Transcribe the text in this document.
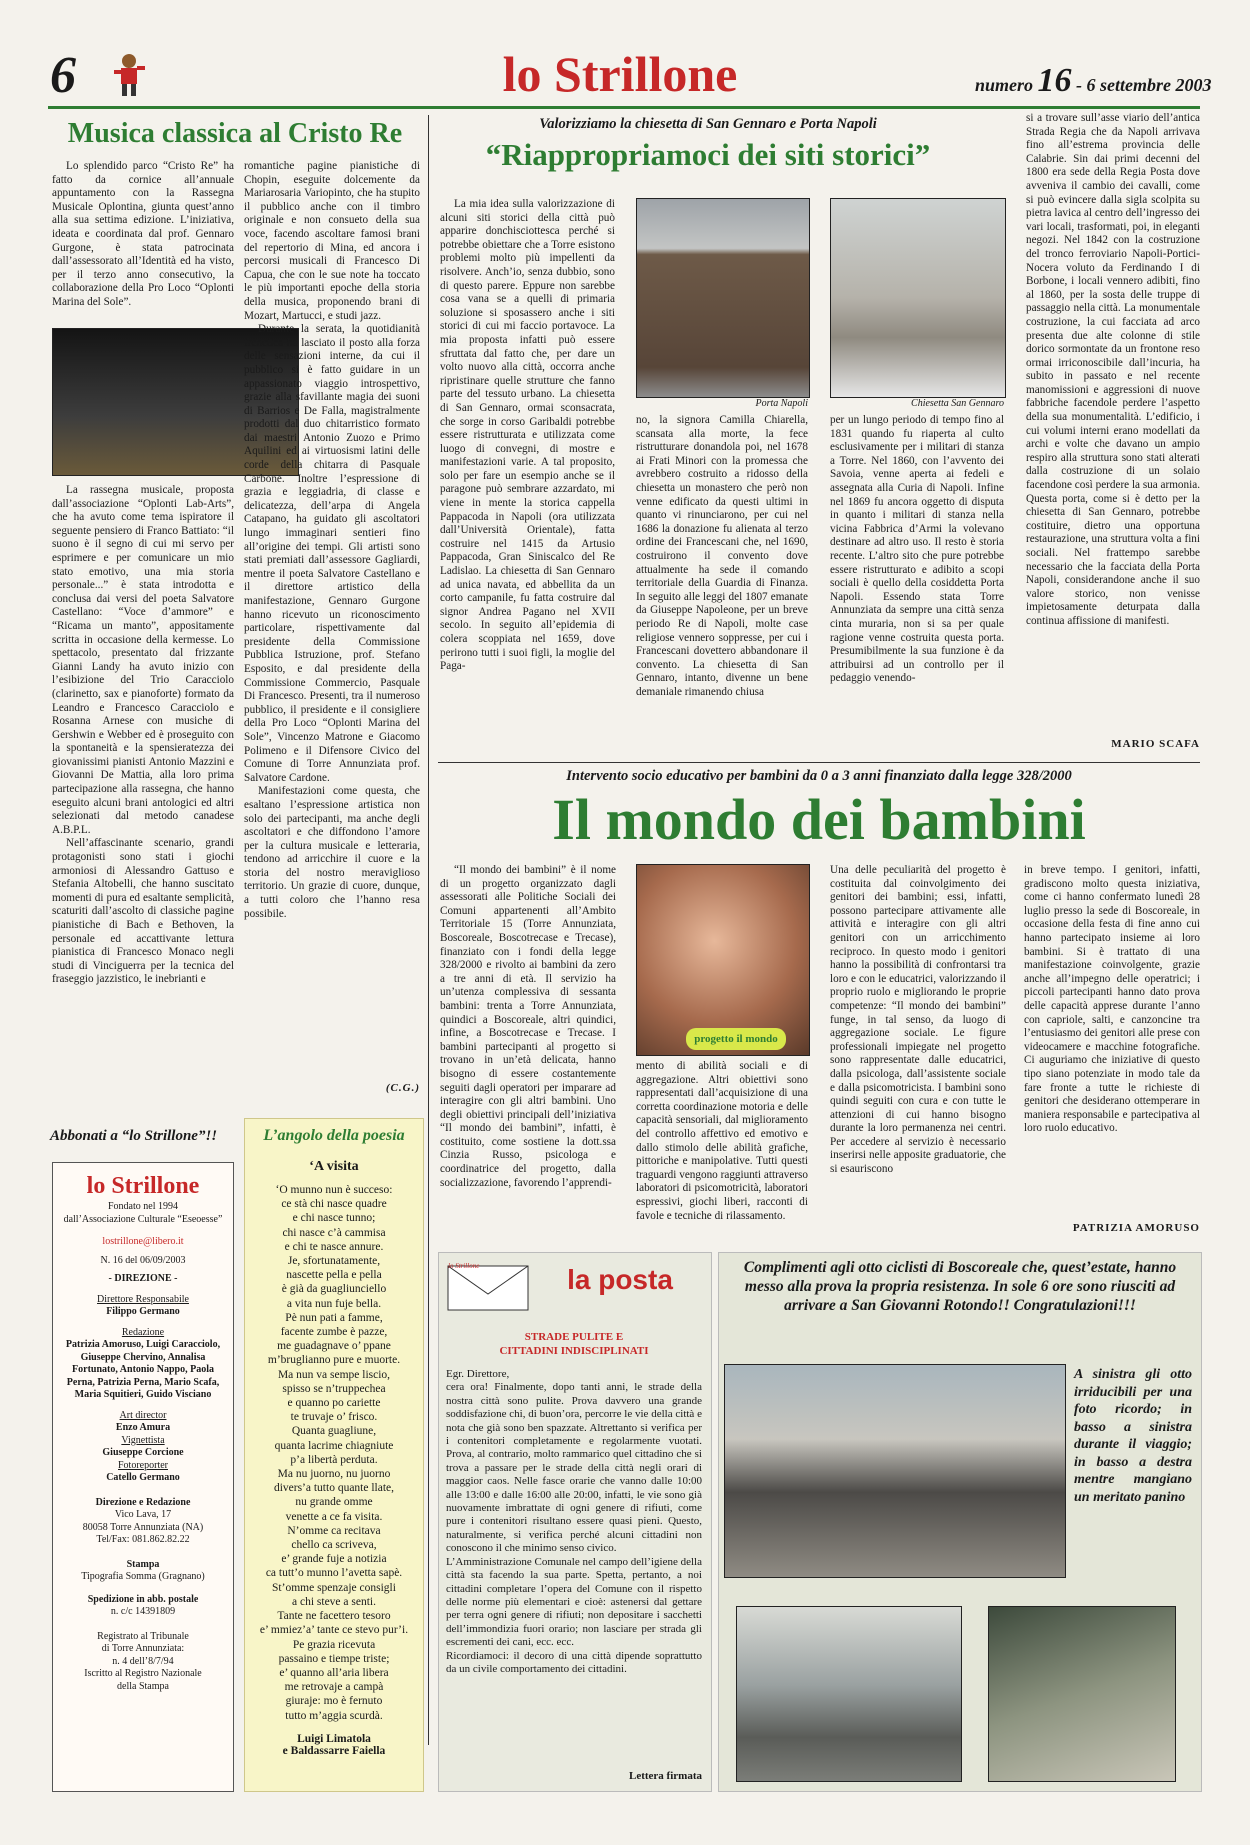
6	lo Strillone	numero 16 - 6 settembre 2003
Musica classica al Cristo Re

Lo splendido parco “Cristo Re” ha fatto da cornice all’annuale appuntamento con la Rassegna Musicale Oplontina, giunta quest’anno alla sua settima edizione. L’iniziativa, ideata e coordinata dal prof. Gennaro Gurgone, è stata patrocinata dall’assessorato all’Identità ed ha visto, per il terzo anno consecutivo, la collaborazione della Pro Loco “Oplonti Marina del Sole”.

La rassegna musicale, proposta dall’associazione “Oplonti Lab-Arts”, che ha avuto come tema ispiratore il seguente pensiero di Franco Battiato: “il suono è il segno di cui mi servo per esprimere e per comunicare un mio stato emotivo, una mia storia personale...” è stata introdotta e conclusa dai versi del poeta Salvatore Castellano: “Voce d’ammore” e “Ricama un manto”, appositamente scritta in occasione della kermesse. Lo spettacolo, presentato dal frizzante Gianni Landy ha avuto inizio con l’esibizione del Trio Caracciolo (clarinetto, sax e pianoforte) formato da Leandro e Francesco Caracciolo e Rosanna Arnese con musiche di Gershwin e Webber ed è proseguito con la spontaneità e la spensieratezza dei giovanissimi pianisti Antonio Mazzini e Giovanni De Mattia, alla loro prima partecipazione alla rassegna, che hanno eseguito alcuni brani antologici ed altri selezionati dal metodo canadese A.B.P.L.

Nell’affascinante scenario, grandi protagonisti sono stati i giochi armoniosi di Alessandro Gattuso e Stefania Altobelli, che hanno suscitato momenti di pura ed esaltante semplicità, scaturiti dall’ascolto di classiche pagine pianistiche di Bach e Bethoven, la personale ed accattivante lettura pianistica di Francesco Monaco negli studi di Vinciguerra per la tecnica del fraseggio jazzistico, le inebrianti e

romantiche pagine pianistiche di Chopin, eseguite dolcemente da Mariarosaria Variopinto, che ha stupito il pubblico anche con il timbro originale e non consueto della sua voce, facendo ascoltare famosi brani del repertorio di Mina, ed ancora i percorsi musicali di Francesco Di Capua, che con le sue note ha toccato le più importanti epoche della storia della musica, proponendo brani di Mozart, Martucci, e studi jazz.

Durante la serata, la quotidianità frenetica ha lasciato il posto alla forza delle sensazioni interne, da cui il pubblico si è fatto guidare in un appassionato viaggio introspettivo, grazie alla sfavillante magia dei suoni di Barrios e De Falla, magistralmente prodotti dal duo chitarristico formato dai maestri Antonio Zuozo e Primo Aquilini ed ai virtuosismi latini delle corde della chitarra di Pasquale Carbone. Inoltre l’espressione di grazia e leggiadria, di classe e delicatezza, dell’arpa di Angela Catapano, ha guidato gli ascoltatori lungo immaginari sentieri fino all’origine dei tempi. Gli artisti sono stati premiati dall’assessore Gagliardi, mentre il poeta Salvatore Castellano e il direttore artistico della manifestazione, Gennaro Gurgone hanno ricevuto un riconoscimento particolare, rispettivamente dal presidente della Commissione Pubblica Istruzione, prof. Stefano Esposito, e dal presidente della Commissione Commercio, Pasquale Di Francesco. Presenti, tra il numeroso pubblico, il presidente e il consigliere della Pro Loco “Oplonti Marina del Sole”, Vincenzo Matrone e Giacomo Polimeno e il Difensore Civico del Comune di Torre Annunziata prof. Salvatore Cardone.

Manifestazioni come questa, che esaltano l’espressione artistica non solo dei partecipanti, ma anche degli ascoltatori e che diffondono l’amore per la cultura musicale e letteraria, tendono ad arricchire il cuore e la storia del nostro meraviglioso territorio. Un grazie di cuore, dunque, a tutti coloro che l’hanno resa possibile.

(C.G.)
Abbonati a “lo Strillone”!!
lo Strillone
Fondato nel 1994
dall’Associazione Culturale “Eseoesse”
lostrillone@libero.it
N. 16 del 06/09/2003
- DIREZIONE -
Direttore Responsabile
Filippo Germano
Redazione
Patrizia Amoruso, Luigi Caracciolo, Giuseppe Chervino, Annalisa Fortunato, Antonio Nappo, Paola Perna, Patrizia Perna, Mario Scafa, Maria Squitieri, Guido Visciano
Art director
Enzo Amura
Vignettista
Giuseppe Corcione
Fotoreporter
Catello Germano
Direzione e Redazione
Vico Lava, 17
80058 Torre Annunziata (NA)
Tel/Fax: 081.862.82.22
Stampa
Tipografia Somma (Gragnano)
Spedizione in abb. postale
n. c/c 14391809
Registrato al Tribunale
di Torre Annunziata:
n. 4 dell’8/7/94
Iscritto al Registro Nazionale
della Stampa
L’angolo della poesia
‘A visita
‘O munno nun è succeso:
ce stà chi nasce quadre
e chi nasce tunno;
chi nasce c’à cammisa
e chi te nasce annure.
Je, sfortunatamente,
nascette pella e pella
è già da guagliunciello
a vita nun fuje bella.
Pè nun pati a famme,
facente zumbe è pazze,
me guadagnave o’ ppane
m’brugliannо pure e muorte.
Ma nun va sempe liscio,
spisso se n’truppechea
e quanno po cariette
te truvaje o’ frisco.
Quanta guagliune,
quanta lacrime chiagniute
p’a libertà perduta.
Ma nu juorno, nu juorno
divers’a tutto quante llate,
nu grande omme
venette a ce fa visita.
N’omme ca recitava
chello ca scriveva,
e’ grande fuje a notizia
ca tutt’o munno l’avetta sapè.
St’omme spenzaje consigli
a chi steve a senti.
Tante ne facettero tesoro
e’ mmiez’a’ tante ce stevo pur’i.
Pe grazia ricevuta
passaino e tiempe triste;
e’ quanno all’aria libera
me retrovaje a campà
giuraje: mo è fernuto
tutto m’aggia scurdà.
Luigi Limatola
e Baldassarre Faiella
Valorizziamo la chiesetta di San Gennaro e Porta Napoli
“Riappropriamoci dei siti storici”
La mia idea sulla valorizzazione di alcuni siti storici della città può apparire donchisciottesca perché si potrebbe obiettare che a Torre esistono problemi molto più impellenti da risolvere. Anch’io, senza dubbio, sono di questo parere. Eppure non sarebbe cosa vana se a quelli di primaria soluzione si sposassero anche i siti storici di cui mi faccio portavoce. La mia proposta infatti può essere sfruttata dal fatto che, per dare un volto nuovo alla città, occorra anche ripristinare quelle strutture che fanno parte del tessuto urbano. La chiesetta di San Gennaro, ormai sconsacrata, che sorge in corso Garibaldi potrebbe essere ristrutturata e utilizzata come luogo di convegni, di mostre e manifestazioni varie. A tal proposito, solo per fare un esempio anche se il paragone può sembrare azzardato, mi viene in mente la storica cappella Pappacoda in Napoli (ora utilizzata dall’Università Orientale), fatta costruire nel 1415 da Artusio Pappacoda, Gran Siniscalco del Re Ladislao. La chiesetta di San Gennaro ad unica navata, ed abbellita da un corto campanile, fu fatta costruire dal signor Andrea Pagano nel XVII secolo. In seguito all’epidemia di colera scoppiata nel 1659, dove perirono tutti i suoi figli, la moglie del Paga-
Porta Napoli	Chiesetta San Gennaro
no, la signora Camilla Chiarella, scansata alla morte, la fece ristrutturare donandola poi, nel 1678 ai Frati Minori con la promessa che avrebbero costruito a ridosso della chiesetta un monastero che però non venne edificato da questi ultimi in quanto vi rinunciarono, per cui nel 1686 la donazione fu alienata al terzo ordine dei Francescani che, nel 1690, costruirono il convento dove attualmente ha sede il comando territoriale della Guardia di Finanza. In seguito alle leggi del 1807 emanate da Giuseppe Napoleone, per un breve periodo Re di Napoli, molte case religiose vennero soppresse, per cui i Francescani dovettero abbandonare il convento. La chiesetta di San Gennaro, intanto, divenne un bene demaniale rimanendo chiusa
per un lungo periodo di tempo fino al 1831 quando fu riaperta al culto esclusivamente per i militari di stanza a Torre. Nel 1860, con l’avvento dei Savoia, venne aperta ai fedeli e assegnata alla Curia di Napoli. Infine nel 1869 fu ancora oggetto di disputa in quanto i militari di stanza nella vicina Fabbrica d’Armi la volevano destinare ad altro uso. Il resto è storia recente. L’altro sito che pure potrebbe essere ristrutturato e adibito a scopi sociali è quello della cosiddetta Porta Napoli. Essendo stata Torre Annunziata da sempre una città senza cinta muraria, non si sa per quale ragione venne costruita questa porta. Presumibilmente la sua funzione è da attribuirsi ad un controllo per il pedaggio venendo-
si a trovare sull’asse viario dell’antica Strada Regia che da Napoli arrivava fino all’estrema provincia delle Calabrie. Sin dai primi decenni del 1800 era sede della Regia Posta dove avveniva il cambio dei cavalli, come si può evincere dalla sigla scolpita su pietra lavica al centro dell’ingresso dei vari locali, trasformati, poi, in eleganti negozi. Nel 1842 con la costruzione del tronco ferroviario Napoli-Portici-Nocera voluto da Ferdinando I di Borbone, i locali vennero adibiti, fino al 1860, per la sosta delle truppe di passaggio nella città. La monumentale costruzione, la cui facciata ad arco presenta due alte colonne di stile dorico sormontate da un frontone reso ormai irriconoscibile dall’incuria, ha subito in passato e nel recente manomissioni e aggressioni di nuove fabbriche facendole perdere l’aspetto della sua monumentalità. L’edificio, i cui volumi interni erano modellati da archi e volte che davano un ampio respiro alla struttura sono stati alterati dalla costruzione di un solaio facendone così perdere la sua armonia. Questa porta, come si è detto per la chiesetta di San Gennaro, potrebbe costituire, dietro una opportuna restaurazione, una struttura volta a fini sociali. Nel frattempo sarebbe necessario che la facciata della Porta Napoli, considerandone anche il suo valore storico, non venisse impietosamente deturpata dalla continua affissione di manifesti.
MARIO SCAFA
Intervento socio educativo per bambini da 0 a 3 anni finanziato dalla legge 328/2000
Il mondo dei bambini
“Il mondo dei bambini” è il nome di un progetto organizzato dagli assessorati alle Politiche Sociali dei Comuni appartenenti all’Ambito Territoriale 15 (Torre Annunziata, Boscoreale, Boscotrecase e Trecase), finanziato con i fondi della legge 328/2000 e rivolto ai bambini da zero a tre anni di età. Il servizio ha un’utenza complessiva di sessanta bambini: trenta a Torre Annunziata, quindici a Boscoreale, altri quindici, infine, a Boscotrecase e Trecase. I bambini partecipanti al progetto si trovano in un’età delicata, hanno bisogno di essere costantemente seguiti dagli operatori per imparare ad interagire con gli altri bambini. Uno degli obiettivi principali dell’iniziativa “Il mondo dei bambini”, infatti, è costituito, come sostiene la dott.ssa Cinzia Russo, psicologa e coordinatrice del progetto, dalla socializzazione, favorendo l’apprendi-
progetto il mondo
mento di abilità sociali e di aggregazione. Altri obiettivi sono rappresentati dall’acquisizione di una corretta coordinazione motoria e delle capacità sensoriali, dal miglioramento del controllo affettivo ed emotivo e dallo stimolo delle abilità grafiche, pittoriche e manipolative. Tutti questi traguardi vengono raggiunti attraverso laboratori di psicomotricità, laboratori espressivi, giochi liberi, racconti di favole e tecniche di rilassamento.
Una delle peculiarità del progetto è costituita dal coinvolgimento dei genitori dei bambini; essi, infatti, possono partecipare attivamente alle attività e interagire con gli altri genitori con un arricchimento reciproco. In questo modo i genitori hanno la possibilità di confrontarsi tra loro e con le educatrici, valorizzando il proprio ruolo e migliorando le proprie competenze: “Il mondo dei bambini” funge, in tal senso, da luogo di aggregazione sociale. Le figure professionali impiegate nel progetto sono rappresentate dalle educatrici, dalla psicologa, dall’assistente sociale e dalla psicomotricista. I bambini sono quindi seguiti con cura e con tutte le attenzioni di cui hanno bisogno durante la loro permanenza nei centri. Per accedere al servizio è necessario inserirsi nelle apposite graduatorie, che si esauriscono
in breve tempo. I genitori, infatti, gradiscono molto questa iniziativa, come ci hanno confermato lunedì 28 luglio presso la sede di Boscoreale, in occasione della festa di fine anno cui hanno partecipato insieme ai loro bambini. Si è trattato di una manifestazione coinvolgente, grazie anche all’impegno delle operatrici; i piccoli partecipanti hanno dato prova delle capacità apprese durante l’anno con capriole, salti, e canzoncine tra l’entusiasmo dei genitori alle prese con videocamere e macchine fotografiche. Ci auguriamo che iniziative di questo tipo siano potenziate in modo tale da fare fronte a tutte le richieste di genitori che desiderano ottemperare in maniera responsabile e partecipativa al loro ruolo educativo.
PATRIZIA AMORUSO
lo Strillone	la posta
STRADE PULITE E
CITTADINI INDISCIPLINATI
Egr. Direttore,
cera ora! Finalmente, dopo tanti anni, le strade della nostra città sono pulite. Prova davvero una grande soddisfazione chi, di buon’ora, percorre le vie della città e nota che già sono ben spazzate. Altrettanto si verifica per i contenitori completamente e regolarmente vuotati. Prova, al contrario, molto rammarico quel cittadino che si trova a passare per le strade della città negli orari di maggior caos. Nelle fasce orarie che vanno dalle 10:00 alle 13:00 e dalle 16:00 alle 20:00, infatti, le vie sono già nuovamente imbrattate di ogni genere di rifiuti, come pure i contenitori risultano essere quasi pieni. Questo, naturalmente, si verifica perché alcuni cittadini non conoscono il che minimo senso civico.
L’Amministrazione Comunale nel campo dell’igiene della città sta facendo la sua parte. Spetta, pertanto, a noi cittadini completare l’opera del Comune con il rispetto delle norme più elementari e cioè: astenersi dal gettare per terra ogni genere di rifiuti; non depositare i sacchetti dell’immondizia fuori orario; non lasciare per strada gli escrementi dei cani, ecc. ecc.
Ricordiamoci: il decoro di una città dipende soprattutto da un civile comportamento dei cittadini.
Lettera firmata
Complimenti agli otto ciclisti di Boscoreale che, quest’estate, hanno messo alla prova la propria resistenza. In sole 6 ore sono riusciti ad arrivare a San Giovanni Rotondo!! Congratulazioni!!!
A sinistra gli otto irriducibili per una foto ricordo; in basso a sinistra durante il viaggio; in basso a destra mentre mangiano un meritato panino
